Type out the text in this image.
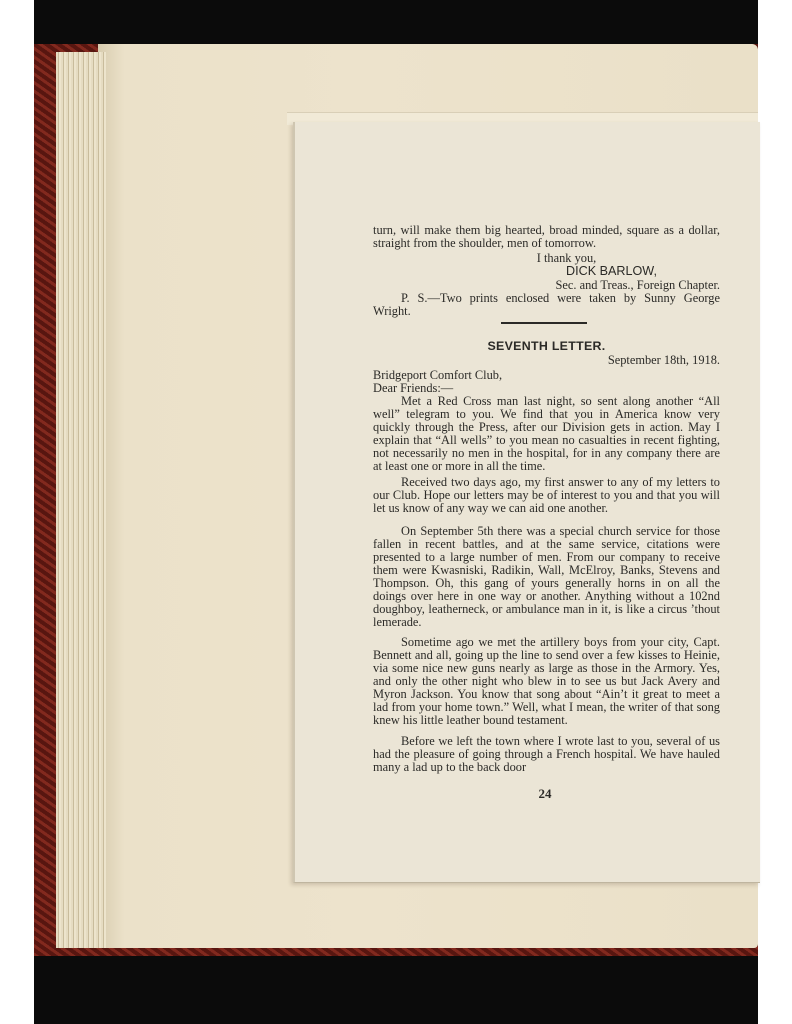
turn, will make them big hearted, broad minded, square as a dollar, straight from the shoulder, men of tomorrow.

I thank you,

DICK BARLOW,

Sec. and Treas., Foreign Chapter.

P. S.—Two prints enclosed were taken by Sunny George Wright.

SEVENTH LETTER.

September 18th, 1918.

Bridgeport Comfort Club,

Dear Friends:—

Met a Red Cross man last night, so sent along another “All well” telegram to you. We find that you in America know very quickly through the Press, after our Division gets in action. May I explain that “All wells” to you mean no casualties in recent fighting, not necessarily no men in the hospital, for in any company there are at least one or more in all the time.

Received two days ago, my first answer to any of my letters to our Club. Hope our letters may be of interest to you and that you will let us know of any way we can aid one another.

On September 5th there was a special church service for those fallen in recent battles, and at the same service, citations were presented to a large number of men. From our company to receive them were Kwasniski, Radikin, Wall, McElroy, Banks, Stevens and Thompson. Oh, this gang of yours generally horns in on all the doings over here in one way or another. Anything without a 102nd doughboy, leatherneck, or ambulance man in it, is like a circus ’thout lemerade.

Sometime ago we met the artillery boys from your city, Capt. Bennett and all, going up the line to send over a few kisses to Heinie, via some nice new guns nearly as large as those in the Armory. Yes, and only the other night who blew in to see us but Jack Avery and Myron Jackson. You know that song about “Ain’t it great to meet a lad from your home town.” Well, what I mean, the writer of that song knew his little leather bound testament.

Before we left the town where I wrote last to you, several of us had the pleasure of going through a French hospital. We have hauled many a lad up to the back door

24
